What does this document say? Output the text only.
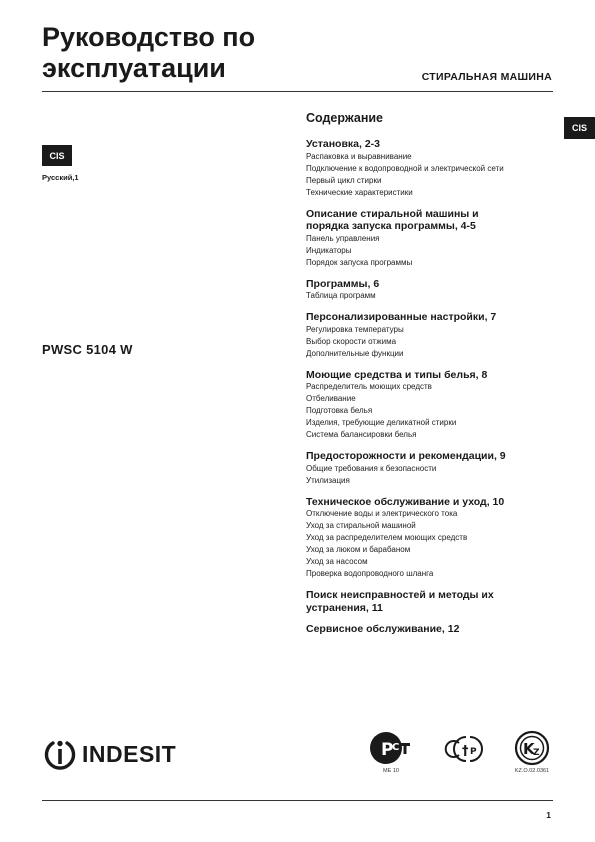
Руководство по
эксплуатации	СТИРАЛЬНАЯ МАШИНА
CIS
CIS
Русский,1
PWSC 5104 W
Содержание
Установка, 2-3
Распаковка и выравнивание
Подключение к водопроводной и электрической сети
Первый цикл стирки
Технические характеристики
Описание стиральной машины и
порядка запуска программы, 4-5
Панель управления
Индикаторы
Порядок запуска программы
Программы, 6
Таблица программ
Персонализированные настройки, 7
Регулировка температуры
Выбор скорости отжима
Дополнительные функции
Моющие средства и типы белья, 8
Распределитель моющих средств
Отбеливание
Подготовка белья
Изделия, требующие деликатной стирки
Система балансировки белья
Предосторожности и рекомендации, 9
Общие требования к безопасности
Утилизация
Техническое обслуживание и уход, 10
Отключение воды и электрического тока
Уход за стиральной машиной
Уход за распределителем моющих средств
Уход за люком и барабаном
Уход за насосом
Проверка водопроводного шланга
Поиск неисправностей и методы их
устранения, 11
Сервисное обслуживание, 12
INDESIT	P
C
ME 10
† P	K
Z
KZ.O.02.0361
1
